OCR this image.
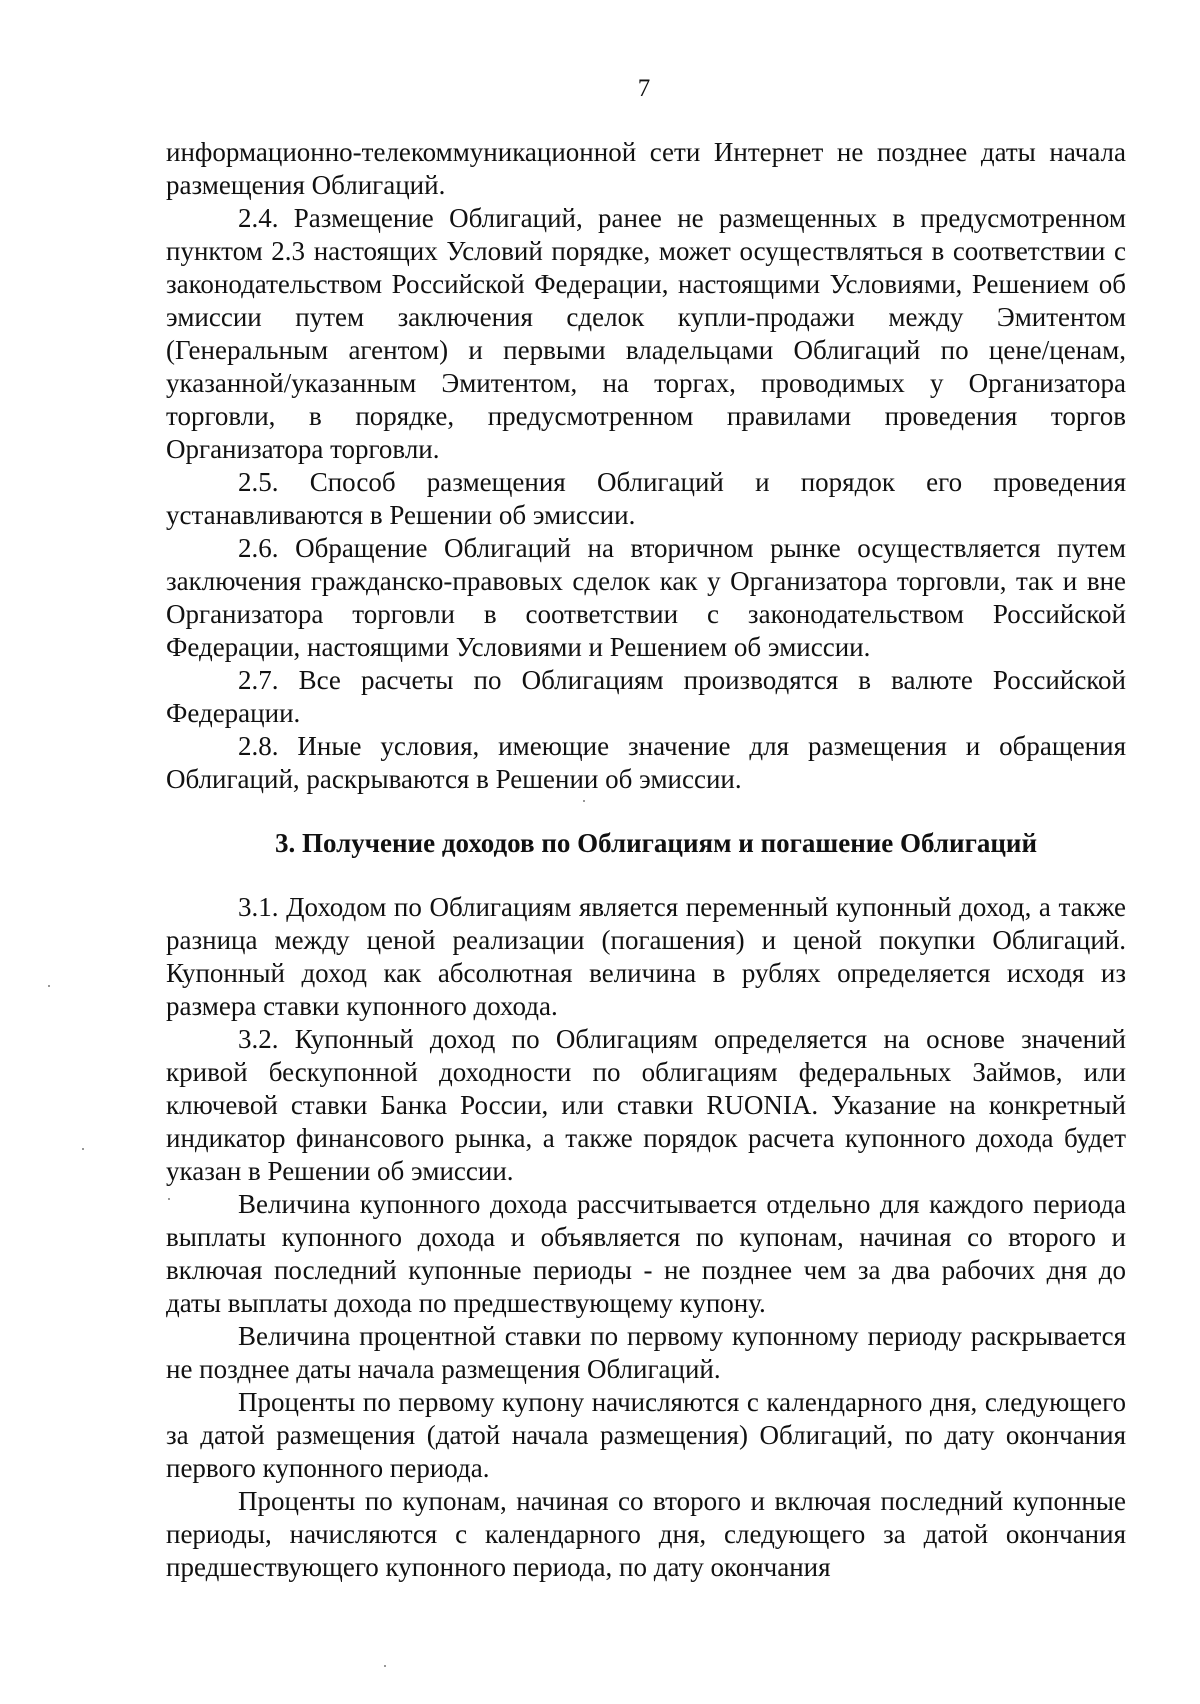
7

информационно-телекоммуникационной сети Интернет не позднее даты начала размещения Облигаций.

2.4. Размещение Облигаций, ранее не размещенных в предусмотренном пунктом 2.3 настоящих Условий порядке, может осуществляться в соответствии с законодательством Российской Федерации, настоящими Условиями, Решением об эмиссии путем заключения сделок купли-продажи между Эмитентом (Генеральным агентом) и первыми владельцами Облигаций по цене/ценам, указанной/указанным Эмитентом, на торгах, проводимых у Организатора торговли, в порядке, предусмотренном правилами проведения торгов Организатора торговли.

2.5. Способ размещения Облигаций и порядок его проведения устанавливаются в Решении об эмиссии.

2.6. Обращение Облигаций на вторичном рынке осуществляется путем заключения гражданско-правовых сделок как у Организатора торговли, так и вне Организатора торговли в соответствии с законодательством Российской Федерации, настоящими Условиями и Решением об эмиссии.

2.7. Все расчеты по Облигациям производятся в валюте Российской Федерации.

2.8. Иные условия, имеющие значение для размещения и обращения Облигаций, раскрываются в Решении об эмиссии.

3. Получение доходов по Облигациям и погашение Облигаций

3.1. Доходом по Облигациям является переменный купонный доход, а также разница между ценой реализации (погашения) и ценой покупки Облигаций. Купонный доход как абсолютная величина в рублях определяется исходя из размера ставки купонного дохода.

3.2. Купонный доход по Облигациям определяется на основе значений кривой бескупонной доходности по облигациям федеральных Займов, или ключевой ставки Банка России, или ставки RUONIA. Указание на конкретный индикатор финансового рынка, а также порядок расчета купонного дохода будет указан в Решении об эмиссии.

Величина купонного дохода рассчитывается отдельно для каждого периода выплаты купонного дохода и объявляется по купонам, начиная со второго и включая последний купонные периоды - не позднее чем за два рабочих дня до даты выплаты дохода по предшествующему купону.

Величина процентной ставки по первому купонному периоду раскрывается не позднее даты начала размещения Облигаций.

Проценты по первому купону начисляются с календарного дня, следующего за датой размещения (датой начала размещения) Облигаций, по дату окончания первого купонного периода.

Проценты по купонам, начиная со второго и включая последний купонные периоды, начисляются с календарного дня, следующего за датой окончания предшествующего купонного периода, по дату окончания
